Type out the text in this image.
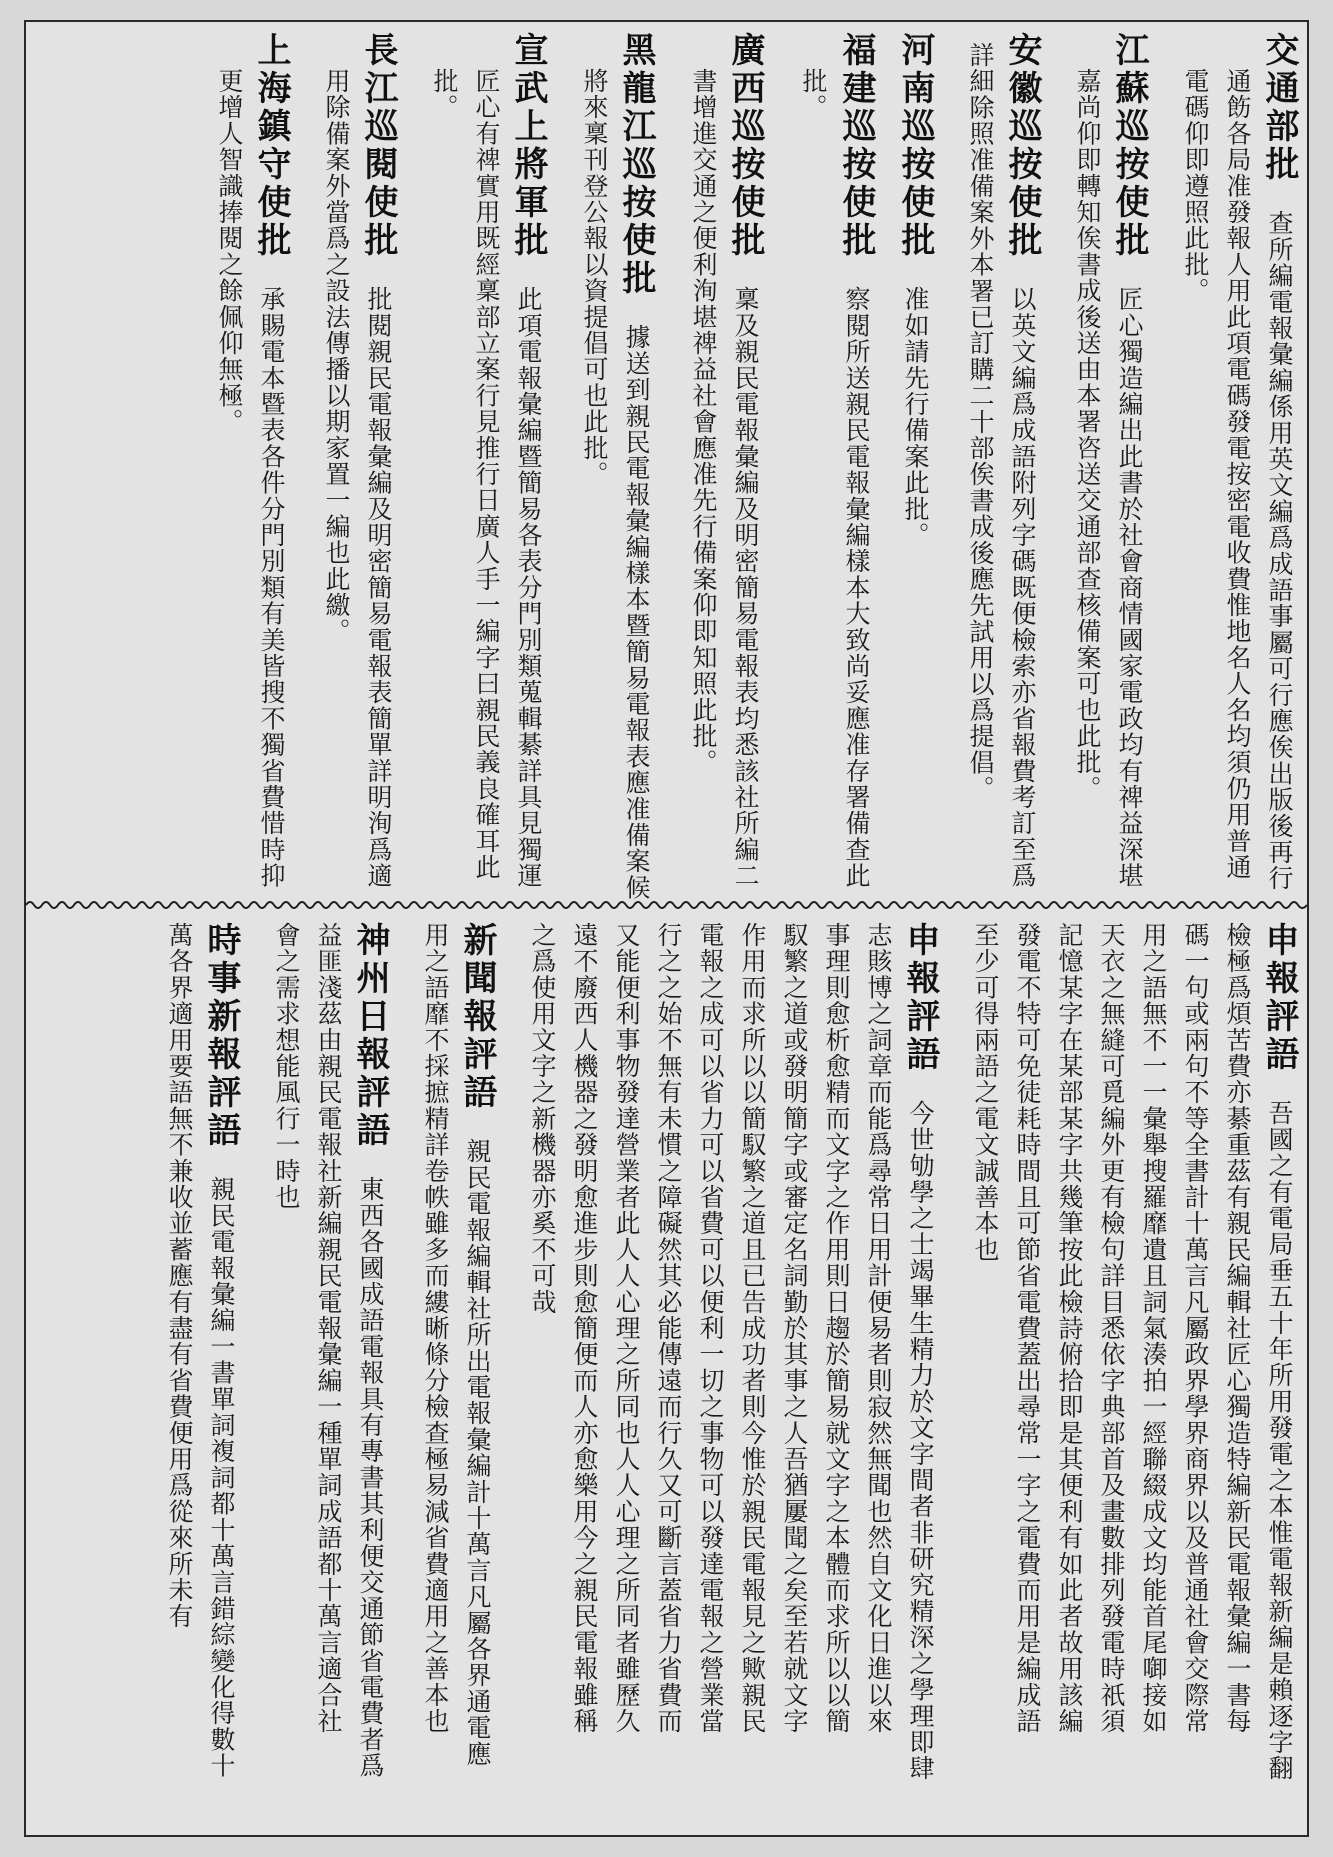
交通部批　查所編電報彙編係用英文編爲成語事屬可行應俟出版後再行
通飭各局准發報人用此項電碼發電按密電收費惟地名人名均須仍用普通
電碼仰即遵照此批。
江蘇巡按使批　匠心獨造編出此書於社會商情國家電政均有禆益深堪
嘉尚仰即轉知俟書成後送由本署咨送交通部查核備案可也此批。
安徽巡按使批　以英文編爲成語附列字碼既便檢索亦省報費考訂至爲
詳細除照准備案外本署已訂購二十部俟書成後應先試用以爲提倡。
河南巡按使批　准如請先行備案此批。
福建巡按使批　察閱所送親民電報彙編樣本大致尚妥應准存署備查此
批。
廣西巡按使批　稟及親民電報彙編及明密簡易電報表均悉該社所編二
書增進交通之便利洵堪禆益社會應准先行備案仰即知照此批。
黑龍江巡按使批　據送到親民電報彙編樣本暨簡易電報表應准備案候
將來稟刊登公報以資提倡可也此批。
宣武上將軍批　此項電報彙編暨簡易各表分門別類蒐輯綦詳具見獨運
匠心有禆實用既經稟部立案行見推行日廣人手一編字曰親民義良確耳此
批。
長江巡閱使批　批閱親民電報彙編及明密簡易電報表簡單詳明洵爲適
用除備案外當爲之設法傳播以期家置一編也此繳。
上海鎮守使批　承賜電本暨表各件分門別類有美皆搜不獨省費惜時抑
更增人智識捧閱之餘佩仰無極。
申報評語　吾國之有電局垂五十年所用發電之本惟電報新編是賴逐字翻
檢極爲煩苦費亦綦重茲有親民編輯社匠心獨造特編新民電報彙編一書每
碼一句或兩句不等全書計十萬言凡屬政界學界商界以及普通社會交際常
用之語無不一一彙舉搜羅靡遺且詞氣湊拍一經聯綴成文均能首尾啣接如
天衣之無縫可覓編外更有檢句詳目悉依字典部首及畫數排列發電時祇須
記憶某字在某部某字共幾筆按此檢詩俯拾即是其便利有如此者故用該編
發電不特可免徒耗時間且可節省電費蓋出尋常一字之電費而用是編成語
至少可得兩語之電文誠善本也
申報評語　今世劬學之士竭畢生精力於文字間者非研究精深之學理即肆
志賅博之詞章而能爲尋常日用計便易者則寂然無聞也然自文化日進以來
事理則愈析愈精而文字之作用則日趨於簡易就文字之本體而求所以以簡
馭繁之道或發明簡字或審定名詞勤於其事之人吾猶屢聞之矣至若就文字
作用而求所以以簡馭繁之道且已告成功者則今惟於親民電報見之歟親民
電報之成可以省力可以省費可以便利一切之事物可以發達電報之營業當
行之之始不無有未慣之障礙然其必能傳遠而行久又可斷言蓋省力省費而
又能便利事物發達營業者此人人心理之所同也人人心理之所同者雖歷久
遠不廢西人機器之發明愈進步則愈簡便而人亦愈樂用今之親民電報雖稱
之爲使用文字之新機器亦奚不可哉
新聞報評語　親民電報編輯社所出電報彙編計十萬言凡屬各界通電應
用之語靡不採摭精詳卷帙雖多而縷晰條分檢查極易減省費適用之善本也
神州日報評語　東西各國成語電報具有專書其利便交通節省電費者爲
益匪淺茲由親民電報社新編親民電報彙編一種單詞成語都十萬言適合社
會之需求想能風行一時也
時事新報評語　親民電報彙編一書單詞複詞都十萬言錯綜變化得數十
萬各界適用要語無不兼收並蓄應有盡有省費便用爲從來所未有
